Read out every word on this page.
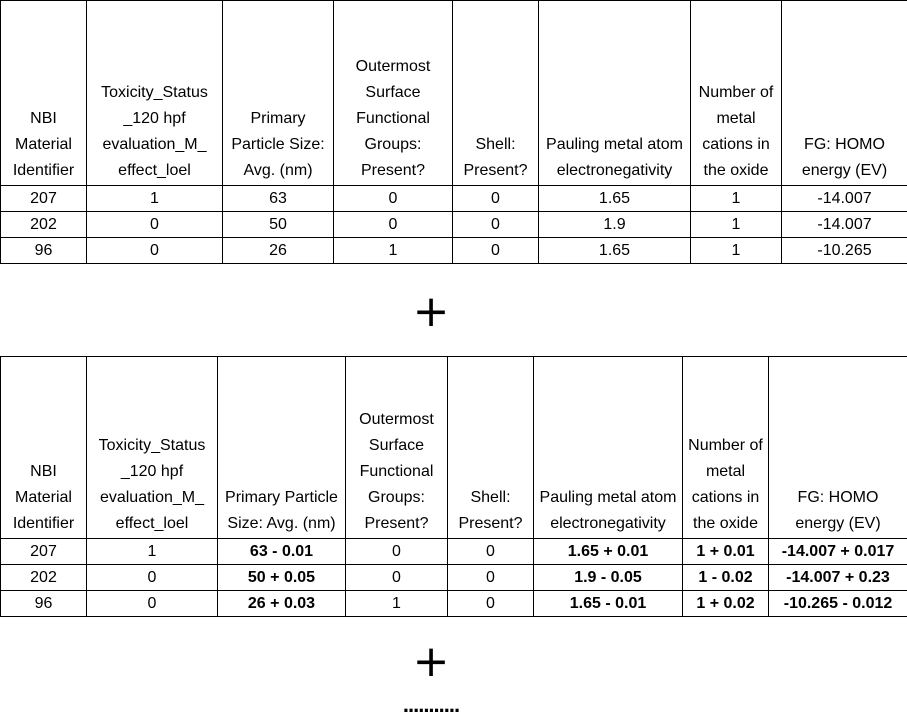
NBI Material Identifier	Toxicity_Status _120 hpf evaluation_M_ effect_loel	Primary Particle Size: Avg. (nm)	Outermost Surface Functional Groups: Present?	Shell: Present?	Pauling metal atom electronegativity	Number of metal cations in the oxide	FG: HOMO energy (EV)
207	1	63	0	0	1.65	1	-14.007
202	0	50	0	0	1.9	1	-14.007
96	0	26	1	0	1.65	1	-10.265
+
NBI Material Identifier	Toxicity_Status _120 hpf evaluation_M_ effect_loel	Primary Particle Size: Avg. (nm)	Outermost Surface Functional Groups: Present?	Shell: Present?	Pauling metal atom electronegativity	Number of metal cations in the oxide	FG: HOMO energy (EV)
207	1	63 - 0.01	0	0	1.65 + 0.01	1 + 0.01	-14.007 + 0.017
202	0	50 + 0.05	0	0	1.9 - 0.05	1 - 0.02	-14.007 + 0.23
96	0	26 + 0.03	1	0	1.65 - 0.01	1 + 0.02	-10.265 - 0.012
+
...........
